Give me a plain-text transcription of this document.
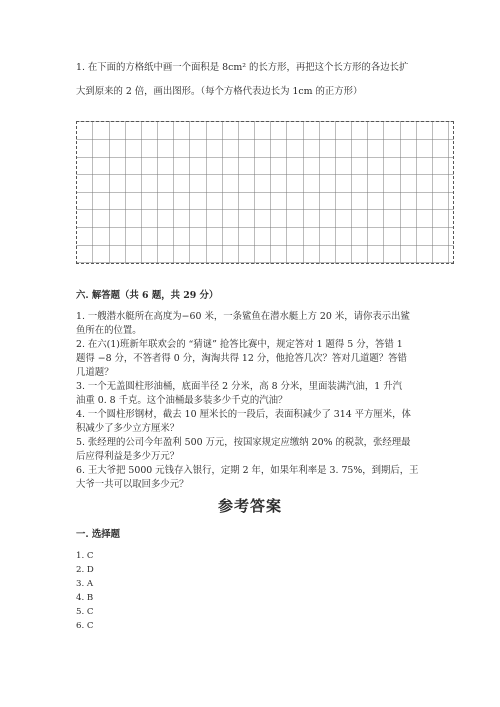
1. 在下面的方格纸中画一个面积是 8cm² 的长方形，再把这个长方形的各边长扩
大到原来的 2 倍，画出图形。（每个方格代表边长为 1cm 的正方形）
六. 解答题（共 6 题，共 29 分）
1. 一艘潜水艇所在高度为−60 米，一条鲨鱼在潜水艇上方 20 米，请你表示出鲨
鱼所在的位置。
2. 在六(1)班新年联欢会的 “猜谜” 抢答比赛中，规定答对 1 题得 5 分，答错 1
题得 −8 分，不答者得 0 分，淘淘共得 12 分，他抢答几次？答对几道题？答错
几道题？
3. 一个无盖圆柱形油桶，底面半径 2 分米，高 8 分米，里面装满汽油，1 升汽
油重 0. 8 千克。这个油桶最多装多少千克的汽油？
4. 一个圆柱形钢材，截去 10 厘米长的一段后，表面积减少了 314 平方厘米，体
积减少了多少立方厘米？
5. 张经理的公司今年盈利 500 万元，按国家规定应缴纳 20% 的税款，张经理最
后应得利益是多少万元？
6. 王大爷把 5000 元钱存入银行，定期 2 年，如果年利率是 3. 75%，到期后，王
大爷一共可以取回多少元？
参考答案
一. 选择题
1. C
2. D
3. A
4. B
5. C
6. C
